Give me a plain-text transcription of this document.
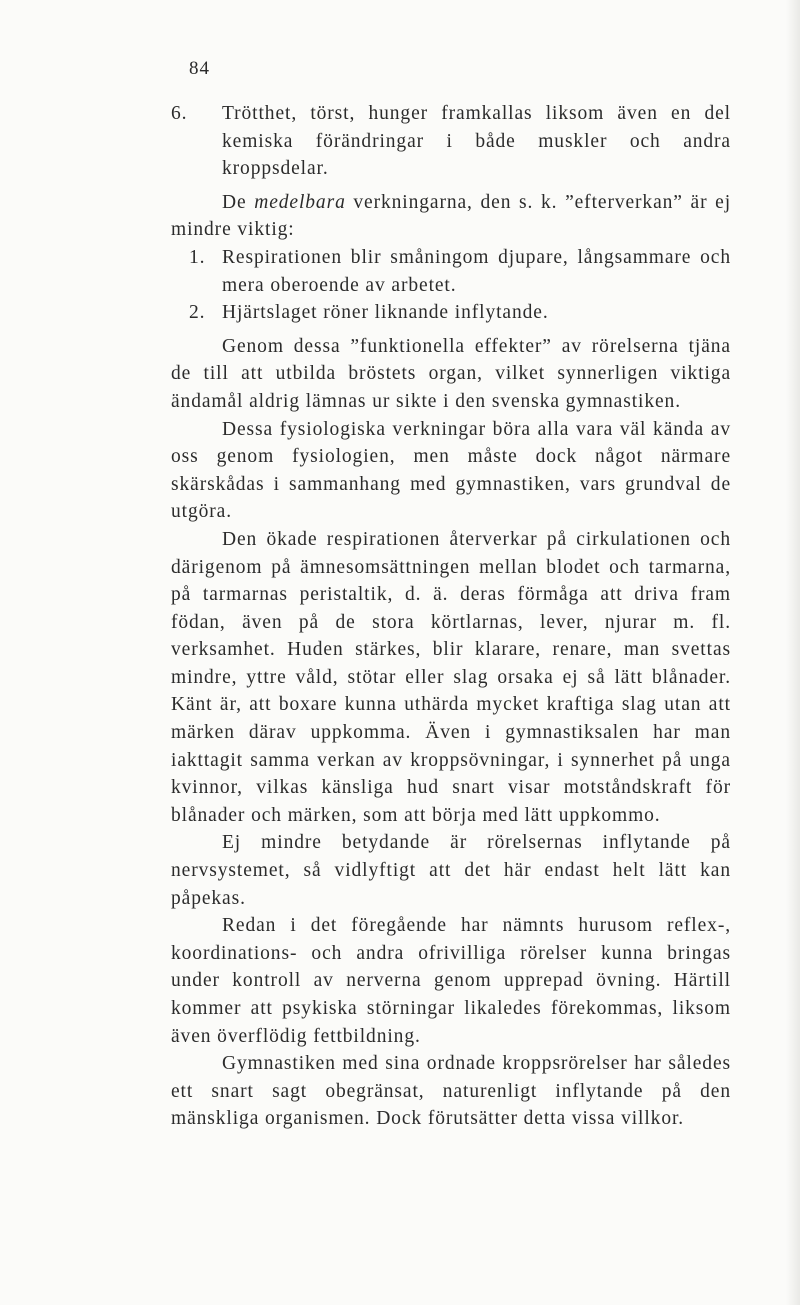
84
6.	Trötthet, törst, hunger framkallas liksom även en del kemiska förändringar i både muskler och andra kroppsdelar.

De medelbara verkningarna, den s. k. ”efterverkan” är ej mindre viktig:

1. Respirationen blir småningom djupare, långsammare och mera oberoende av arbetet.
2. Hjärtslaget röner liknande inflytande.

Genom dessa ”funktionella effekter” av rörelserna tjäna de till att utbilda bröstets organ, vilket synnerligen viktiga ändamål aldrig lämnas ur sikte i den svenska gymnastiken.

Dessa fysiologiska verkningar böra alla vara väl kända av oss genom fysiologien, men måste dock något närmare skärskådas i sammanhang med gymnastiken, vars grundval de utgöra.

Den ökade respirationen återverkar på cirkulationen och därigenom på ämnesomsättningen mellan blodet och tarmarna, på tarmarnas peristaltik, d. ä. deras förmåga att driva fram födan, även på de stora körtlarnas, lever, njurar m. fl. verksamhet. Huden stärkes, blir klarare, renare, man svettas mindre, yttre våld, stötar eller slag orsaka ej så lätt blånader. Känt är, att boxare kunna uthärda mycket kraftiga slag utan att märken därav uppkomma. Även i gymnastiksalen har man iakttagit samma verkan av kroppsövningar, i synnerhet på unga kvinnor, vilkas känsliga hud snart visar motståndskraft för blånader och märken, som att börja med lätt uppkommo.

Ej mindre betydande är rörelsernas inflytande på nervsystemet, så vidlyftigt att det här endast helt lätt kan påpekas.

Redan i det föregående har nämnts hurusom reflex-, koordinations- och andra ofrivilliga rörelser kunna bringas under kontroll av nerverna genom upprepad övning. Härtill kommer att psykiska störningar likaledes förekommas, liksom även överflödig fettbildning.

Gymnastiken med sina ordnade kroppsrörelser har således ett snart sagt obegränsat, naturenligt inflytande på den mänskliga organismen. Dock förutsätter detta vissa villkor.
